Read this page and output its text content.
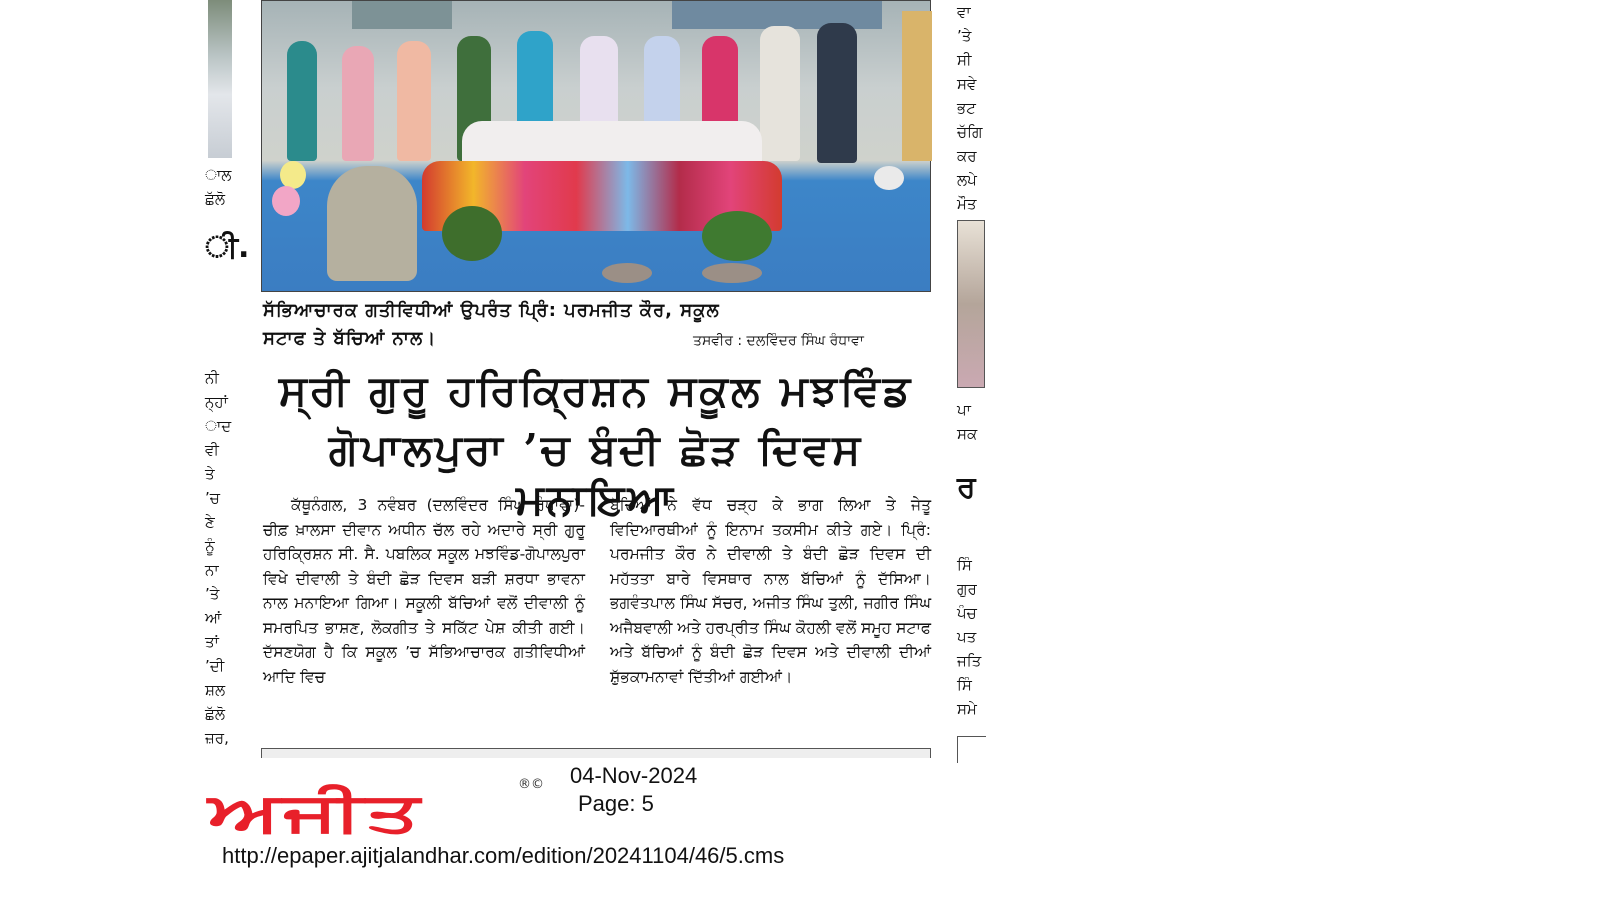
ਾਲ
ਛੱਲੋ
ੀ.
ਨੀ
ਨ੍ਹਾਂ
ਾਦ
ਵੀ
ਤੇ
’ਚ
ਣੇ
ਨੂੰ
ਨਾ
’ਤੇ
ਆਂ
ਤਾਂ
’ਦੀ
ਸ਼ਲ
ਛੱਲੋ
ਜ਼ਰ,
ਸੱਭਿਆਚਾਰਕ ਗਤੀਵਿਧੀਆਂ ਉਪਰੰਤ ਪ੍ਰਿੰ: ਪਰਮਜੀਤ ਕੌਰ, ਸਕੂਲ
ਸਟਾਫ ਤੇ ਬੱਚਿਆਂ ਨਾਲ।	ਤਸਵੀਰ : ਦਲਵਿੰਦਰ ਸਿੰਘ ਰੰਧਾਵਾ
ਸ੍ਰੀ ਗੁਰੂ ਹਰਿਕ੍ਰਿਸ਼ਨ ਸਕੂਲ ਮਝਵਿੰਡ
ਗੋਪਾਲਪੁਰਾ ’ਚ ਬੰਦੀ ਛੋੜ ਦਿਵਸ ਮਨਾਇਆ
ਕੱਥੂਨੰਗਲ, 3 ਨਵੰਬਰ (ਦਲਵਿੰਦਰ ਸਿੰਘ ਰੰਧਾਵਾ)- ਚੀਫ਼ ਖ਼ਾਲਸਾ ਦੀਵਾਨ ਅਧੀਨ ਚੱਲ ਰਹੇ ਅਦਾਰੇ ਸ੍ਰੀ ਗੁਰੂ ਹਰਿਕ੍ਰਿਸ਼ਨ ਸੀ. ਸੈ. ਪਬਲਿਕ ਸਕੂਲ ਮਝਵਿੰਡ-ਗੋਪਾਲਪੁਰਾ ਵਿਖੇ ਦੀਵਾਲੀ ਤੇ ਬੰਦੀ ਛੋੜ ਦਿਵਸ ਬੜੀ ਸ਼ਰਧਾ ਭਾਵਨਾ ਨਾਲ ਮਨਾਇਆ ਗਿਆ। ਸਕੂਲੀ ਬੱਚਿਆਂ ਵਲੋਂ ਦੀਵਾਲੀ ਨੂੰ ਸਮਰਪਿਤ ਭਾਸ਼ਣ, ਲੋਕਗੀਤ ਤੇ ਸਕਿੱਟ ਪੇਸ਼ ਕੀਤੀ ਗਈ। ਦੱਸਣਯੋਗ ਹੈ ਕਿ ਸਕੂਲ ’ਚ ਸੱਭਿਆਚਾਰਕ ਗਤੀਵਿਧੀਆਂ ਆਦਿ ਵਿਚ
ਬੱਚਿਆਂ ਨੇ ਵੱਧ ਚੜ੍ਹ ਕੇ ਭਾਗ ਲਿਆ ਤੇ ਜੇਤੂ ਵਿਦਿਆਰਥੀਆਂ ਨੂੰ ਇਨਾਮ ਤਕਸੀਮ ਕੀਤੇ ਗਏ। ਪ੍ਰਿੰ: ਪਰਮਜੀਤ ਕੌਰ ਨੇ ਦੀਵਾਲੀ ਤੇ ਬੰਦੀ ਛੋੜ ਦਿਵਸ ਦੀ ਮਹੱਤਤਾ ਬਾਰੇ ਵਿਸਥਾਰ ਨਾਲ ਬੱਚਿਆਂ ਨੂੰ ਦੱਸਿਆ। ਭਗਵੰਤਪਾਲ ਸਿੰਘ ਸੱਚਰ, ਅਜੀਤ ਸਿੰਘ ਤੁਲੀ, ਜਗੀਰ ਸਿੰਘ ਅਜੈਬਵਾਲੀ ਅਤੇ ਹਰਪ੍ਰੀਤ ਸਿੰਘ ਕੋਹਲੀ ਵਲੋਂ ਸਮੂਹ ਸਟਾਫ ਅਤੇ ਬੱਚਿਆਂ ਨੂੰ ਬੰਦੀ ਛੋੜ ਦਿਵਸ ਅਤੇ ਦੀਵਾਲੀ ਦੀਆਂ ਸ਼ੁੱਭਕਾਮਨਾਵਾਂ ਦਿੱਤੀਆਂ ਗਈਆਂ।
ਵਾ
’ਤੇ
ਸੀ
ਸਵੇ
ਭਟ
ਚੱਗਿ
ਕਰ
ਲਪੇ
ਮੌਤ
ਪਾ
ਸਕ
ਰ
ਸਿੰ
ਗੁਰ
ਪੰਚ
ਪਤ
ਜਤਿ
ਸਿੰ
ਸਮੇ
ਅਜੀਤ	®© 04-Nov-2024
Page: 5
http://epaper.ajitjalandhar.com/edition/20241104/46/5.cms
